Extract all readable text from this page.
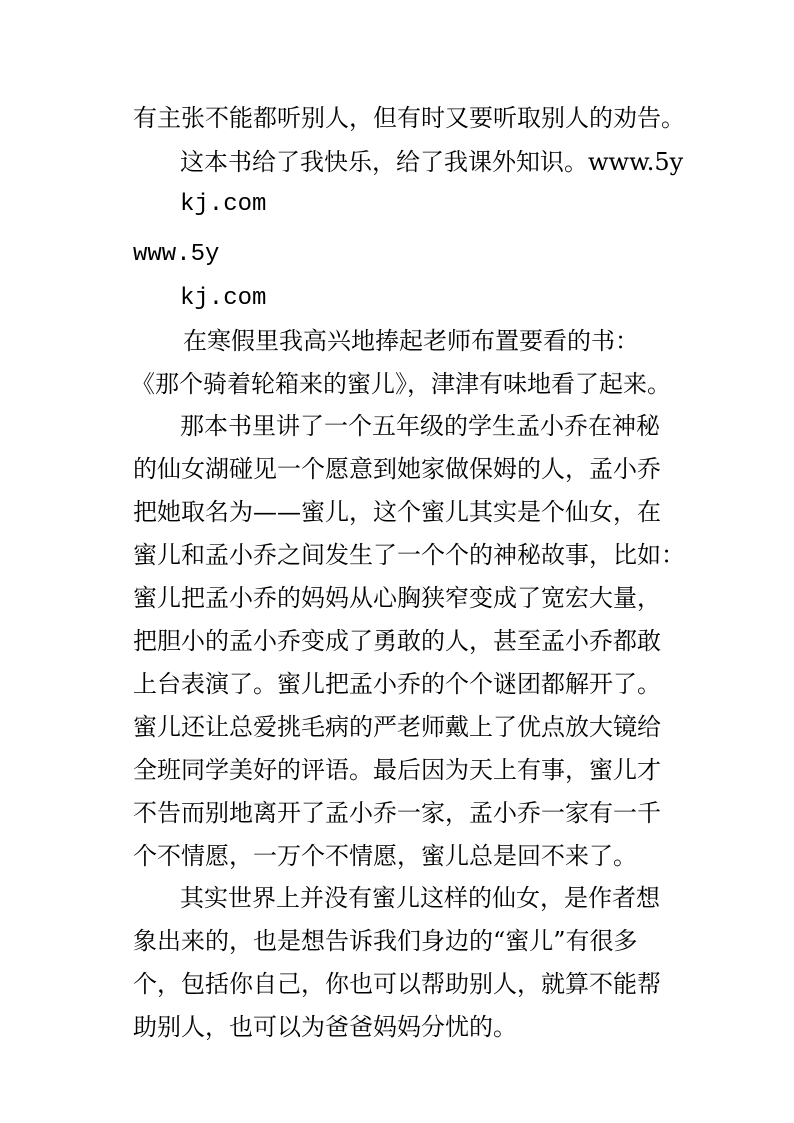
有主张不能都听别人，但有时又要听取别人的劝告。
这本书给了我快乐，给了我课外知识。www.5y
kj.com
www.5y
kj.com
在寒假里我高兴地捧起老师布置要看的书：
《那个骑着轮箱来的蜜儿》，津津有味地看了起来。
那本书里讲了一个五年级的学生孟小乔在神秘
的仙女湖碰见一个愿意到她家做保姆的人，孟小乔
把她取名为——蜜儿，这个蜜儿其实是个仙女，在
蜜儿和孟小乔之间发生了一个个的神秘故事，比如：
蜜儿把孟小乔的妈妈从心胸狭窄变成了宽宏大量，
把胆小的孟小乔变成了勇敢的人，甚至孟小乔都敢
上台表演了。蜜儿把孟小乔的个个谜团都解开了。
蜜儿还让总爱挑毛病的严老师戴上了优点放大镜给
全班同学美好的评语。最后因为天上有事，蜜儿才
不告而别地离开了孟小乔一家，孟小乔一家有一千
个不情愿，一万个不情愿，蜜儿总是回不来了。
其实世界上并没有蜜儿这样的仙女，是作者想
象出来的，也是想告诉我们身边的“蜜儿”有很多
个，包括你自己，你也可以帮助别人，就算不能帮
助别人，也可以为爸爸妈妈分忧的。
